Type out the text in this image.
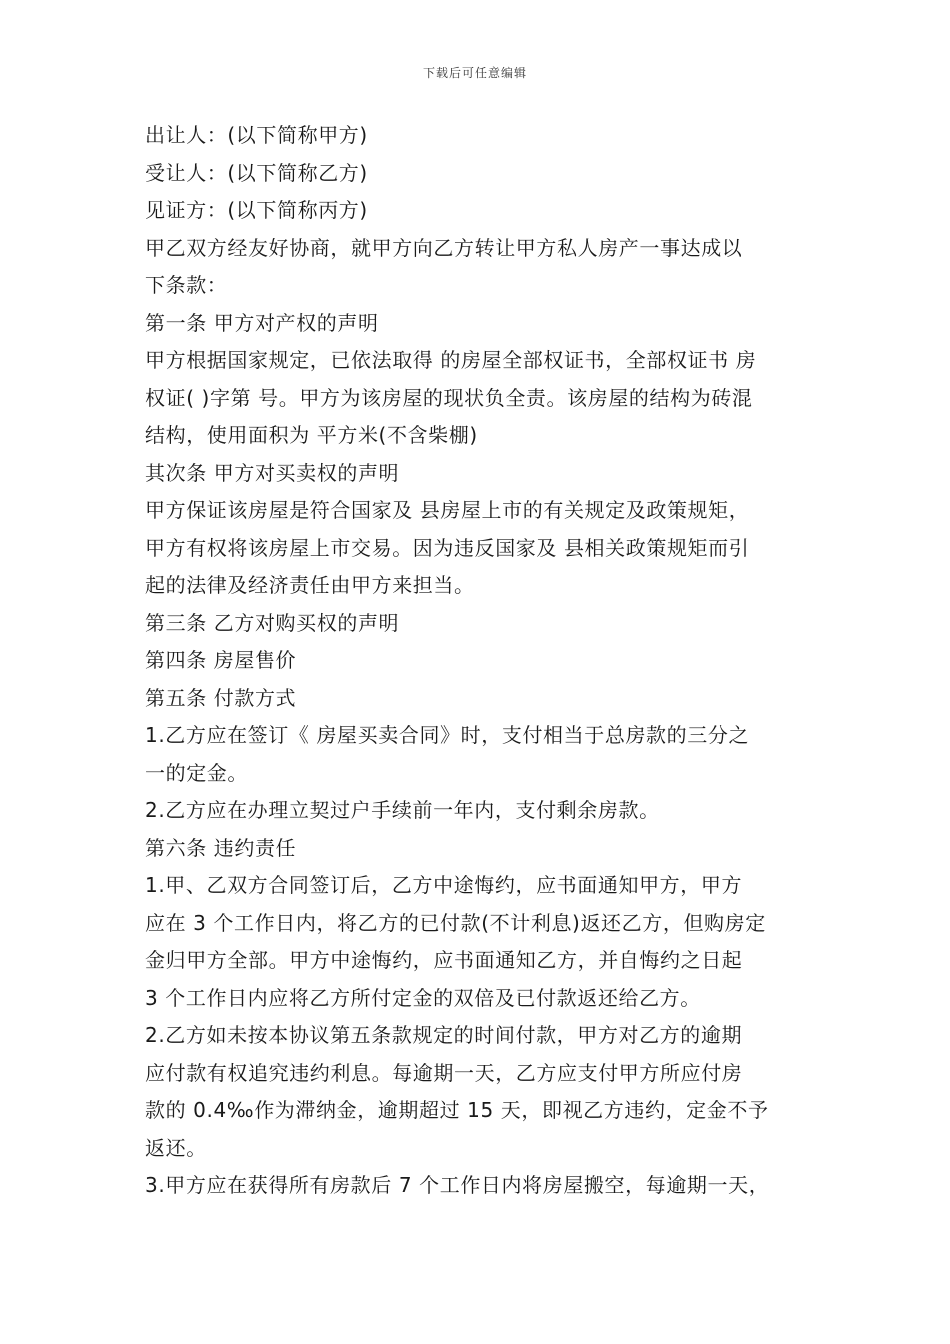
下载后可任意编辑
出让人：(以下简称甲方)
受让人：(以下简称乙方)
见证方：(以下简称丙方)
甲乙双方经友好协商，就甲方向乙方转让甲方私人房产一事达成以
下条款：
第一条 甲方对产权的声明
甲方根据国家规定，已依法取得 的房屋全部权证书，全部权证书 房
权证( )字第 号。甲方为该房屋的现状负全责。该房屋的结构为砖混
结构，使用面积为 平方米(不含柴棚)
其次条 甲方对买卖权的声明
甲方保证该房屋是符合国家及 县房屋上市的有关规定及政策规矩，
甲方有权将该房屋上市交易。因为违反国家及 县相关政策规矩而引
起的法律及经济责任由甲方来担当。
第三条 乙方对购买权的声明
第四条 房屋售价
第五条 付款方式
1.乙方应在签订《 房屋买卖合同》时，支付相当于总房款的三分之
一的定金。
2.乙方应在办理立契过户手续前一年内，支付剩余房款。
第六条 违约责任
1.甲、乙双方合同签订后，乙方中途悔约，应书面通知甲方，甲方
应在 3 个工作日内，将乙方的已付款(不计利息)返还乙方，但购房定
金归甲方全部。甲方中途悔约，应书面通知乙方，并自悔约之日起
3 个工作日内应将乙方所付定金的双倍及已付款返还给乙方。
2.乙方如未按本协议第五条款规定的时间付款，甲方对乙方的逾期
应付款有权追究违约利息。每逾期一天，乙方应支付甲方所应付房
款的 0.4‰作为滞纳金，逾期超过 15 天，即视乙方违约，定金不予
返还。
3.甲方应在获得所有房款后 7 个工作日内将房屋搬空，每逾期一天，
